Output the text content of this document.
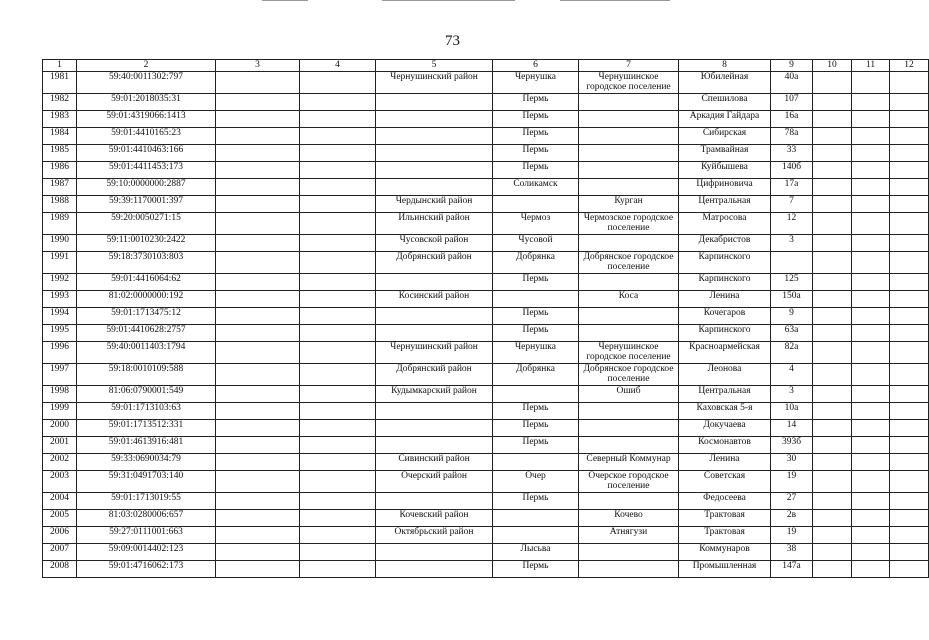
73
1	2	3	4	5	6	7	8	9	10	11	12
1981	59:40:0011302:797			Чернушинский район	Чернушка	Чернушинское городское поселение	Юбилейная	40а			
1982	59:01:2018035:31				Пермь		Спешилова	107			
1983	59:01:4319066:1413				Пермь		Аркадия Гайдара	16а			
1984	59:01:4410165:23				Пермь		Сибирская	78а			
1985	59:01:4410463:166				Пермь		Трамвайная	33			
1986	59:01:4411453:173				Пермь		Куйбышева	140б			
1987	59:10:0000000:2887				Соликамск		Цифриновича	17а			
1988	59:39:1170001:397			Чердынский район		Курган	Центральная	7			
1989	59:20:0050271:15			Ильинский район	Чермоз	Чермозское городское поселение	Матросова	12			
1990	59:11:0010230:2422			Чусовской район	Чусовой		Декабристов	3			
1991	59:18:3730103:803			Добрянский район	Добрянка	Добрянское городское поселение	Карпинского				
1992	59:01:4416064:62				Пермь		Карпинского	125			
1993	81:02:0000000:192			Косинский район		Коса	Ленина	150а			
1994	59:01:1713475:12				Пермь		Кочегаров	9			
1995	59:01:4410628:2757				Пермь		Карпинского	63а			
1996	59:40:0011403:1794			Чернушинский район	Чернушка	Чернушинское городское поселение	Красноармейская	82а			
1997	59:18:0010109:588			Добрянский район	Добрянка	Добрянское городское поселение	Леонова	4			
1998	81:06:0790001:549			Кудымкарский район		Ошиб	Центральная	3			
1999	59:01:1713103:63				Пермь		Каховская 5-я	10а			
2000	59:01:1713512:331				Пермь		Докучаева	14			
2001	59:01:4613916:481				Пермь		Космонавтов	393б			
2002	59:33:0690034:79			Сивинский район		Северный Коммунар	Ленина	30			
2003	59:31:0491703:140			Очерский район	Очер	Очерское городское поселение	Советская	19			
2004	59:01:1713019:55				Пермь		Федосеева	27			
2005	81:03:0280006:657			Кочевский район		Кочево	Трактовая	2в			
2006	59:27:0111001:663			Октябрьский район		Атнягузи	Трактовая	19			
2007	59:09:0014402:123				Лысьва		Коммунаров	38			
2008	59:01:4716062:173				Пермь		Промышленная	147а			
